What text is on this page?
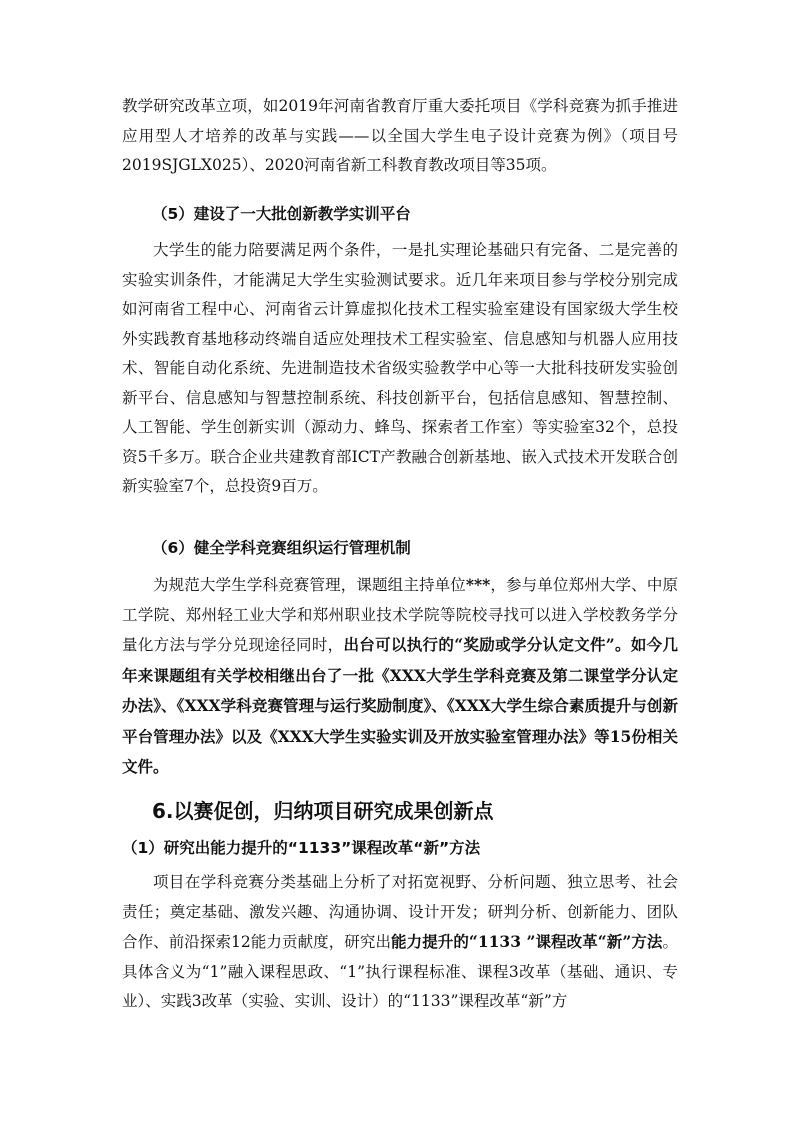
教学研究改革立项，如2019年河南省教育厅重大委托项目《学科竞赛为抓手推进应用型人才培养的改革与实践——以全国大学生电子设计竞赛为例》（项目号2019SJGLX025）、2020河南省新工科教育教改项目等35项。

（5）建设了一大批创新教学实训平台

大学生的能力陪要满足两个条件，一是扎实理论基础只有完备、二是完善的实验实训条件，才能满足大学生实验测试要求。近几年来项目参与学校分别完成如河南省工程中心、河南省云计算虚拟化技术工程实验室建设有国家级大学生校外实践教育基地移动终端自适应处理技术工程实验室、信息感知与机器人应用技术、智能自动化系统、先进制造技术省级实验教学中心等一大批科技研发实验创新平台、信息感知与智慧控制系统、科技创新平台，包括信息感知、智慧控制、人工智能、学生创新实训（源动力、蜂鸟、探索者工作室）等实验室32个，总投资5千多万。联合企业共建教育部ICT产教融合创新基地、嵌入式技术开发联合创新实验室7个，总投资9百万。

（6）健全学科竞赛组织运行管理机制

为规范大学生学科竞赛管理，课题组主持单位***，参与单位郑州大学、中原工学院、郑州轻工业大学和郑州职业技术学院等院校寻找可以进入学校教务学分量化方法与学分兑现途径同时，出台可以执行的“奖励或学分认定文件”。如今几年来课题组有关学校相继出台了一批《XXX大学生学科竞赛及第二课堂学分认定办法》、《XXX学科竞赛管理与运行奖励制度》、《XXX大学生综合素质提升与创新平台管理办法》以及《XXX大学生实验实训及开放实验室管理办法》等15份相关文件。

6.以赛促创，归纳项目研究成果创新点
（1）研究出能力提升的“1133”课程改革“新”方法

项目在学科竞赛分类基础上分析了对拓宽视野、分析问题、独立思考、社会责任；奠定基础、激发兴趣、沟通协调、设计开发；研判分析、创新能力、团队合作、前沿探索12能力贡献度，研究出能力提升的“1133 ”课程改革“新”方法。具体含义为“1”融入课程思政、“1”执行课程标准、课程3改革（基础、通识、专业）、实践3改革（实验、实训、设计）的“1133”课程改革“新”方
